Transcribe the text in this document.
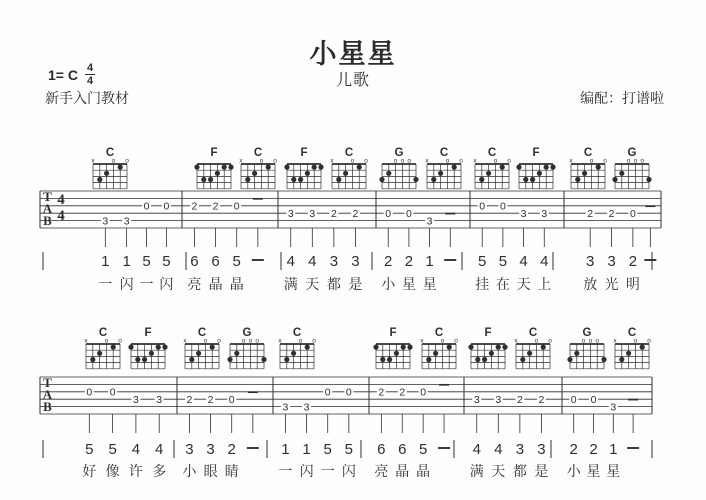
小星星
儿歌
1= C $\frac{4}{4}$
新手入门教材	编配：打谱啦
C
o
o
x
F	C
o
o
x
F	C
o
o
x
G
o
o
o
C
o
o
x
C
o
o
x
F	C
o
o
x
G
o
o
o
T
A
B
4
4	3 3
0 0 2 2 0
3 3 2 2	0 0
3
0 0
3 3	2 2 0
1 1 5 5 6 6 5	4 4 3 3 2 2 1	5 5 4 4	3 3 2
一 闪 一 闪 亮 晶 晶	满 天 都 是 小 星 星	挂 在 天 上 放 光 明
C
o
o
x
F	C
o
o
x
G
o
o
o
C
o
o
x
F	C
o
o
x
F	C
o
o
x
G
o
o
o
C
o
o
x
T
A
B
0 0
3 3 2 2 0
3 3
0 0	2 2 0
3 3 2 2	0 0
3
5 5 4 4 3 3 2	1 1 5 5 6 6 5	4 4 3 3 2 2 1
好 像 许 多 小 眼 睛	一 闪 一 闪 亮 晶 晶	满 天 都 是 小 星 星
